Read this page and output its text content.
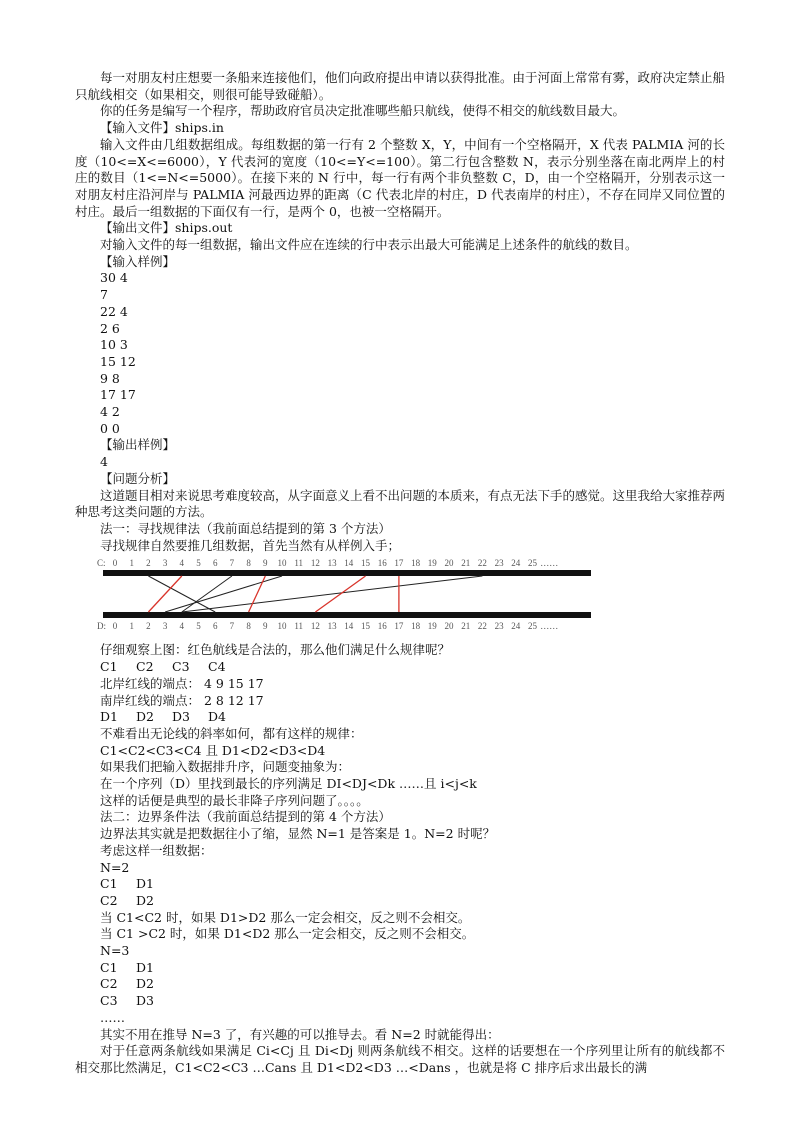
每一对朋友村庄想要一条船来连接他们，他们向政府提出申请以获得批准。由于河面上常常有雾，政府决定禁止船只航线相交（如果相交，则很可能导致碰船）。
你的任务是编写一个程序，帮助政府官员决定批准哪些船只航线，使得不相交的航线数目最大。
【输入文件】ships.in
输入文件由几组数据组成。每组数据的第一行有 2 个整数 X，Y，中间有一个空格隔开，X 代表 PALMIA 河的长度（10<=X<=6000），Y 代表河的宽度（10<=Y<=100）。第二行包含整数 N，表示分别坐落在南北两岸上的村庄的数目（1<=N<=5000）。在接下来的 N 行中，每一行有两个非负整数 C，D，由一个空格隔开，分别表示这一对朋友村庄沿河岸与 PALMIA 河最西边界的距离（C 代表北岸的村庄，D 代表南岸的村庄），不存在同岸又同位置的村庄。最后一组数据的下面仅有一行，是两个 0，也被一空格隔开。
【输出文件】ships.out
对输入文件的每一组数据，输出文件应在连续的行中表示出最大可能满足上述条件的航线的数目。
【输入样例】
30 4
7
22 4
2 6
10 3
15 12
9 8
17 17
4 2
0 0
【输出样例】
4
【问题分析】
这道题目相对来说思考难度较高，从字面意义上看不出问题的本质来，有点无法下手的感觉。这里我给大家推荐两种思考这类问题的方法。
法一：寻找规律法（我前面总结提到的第 3 个方法）
寻找规律自然要推几组数据，首先当然有从样例入手；
C:
D:
0 1 2 3 4 5 6 7 8 9 10 11 12 13 14 15 16 17 18 19 20 21 22 23 24 25 ……
0 1 2 3 4 5 6 7 8 9 10 11 12 13 14 15 16 17 18 19 20 21 22 23 24 25 ……
仔细观察上图：红色航线是合法的，那么他们满足什么规律呢？
C1 C2 C3 C4
北岸红线的端点： 4 9 15 17
南岸红线的端点： 2 8 12 17
D1 D2 D3 D4
不难看出无论线的斜率如何，都有这样的规律：
C1<C2<C3<C4 且 D1<D2<D3<D4
如果我们把输入数据排升序，问题变抽象为：
在一个序列（D）里找到最长的序列满足 DI<DJ<Dk ……且 i<j<k
这样的话便是典型的最长非降子序列问题了。。。。
法二：边界条件法（我前面总结提到的第 4 个方法）
边界法其实就是把数据往小了缩，显然 N=1 是答案是 1。N=2 时呢？
考虑这样一组数据：
N=2
C1 D1
C2 D2
当 C1<C2 时，如果 D1>D2 那么一定会相交，反之则不会相交。
当 C1 >C2 时，如果 D1<D2 那么一定会相交，反之则不会相交。
N=3
C1 D1
C2 D2
C3 D3
……
其实不用在推导 N=3 了，有兴趣的可以推导去。看 N=2 时就能得出：
对于任意两条航线如果满足 Ci<Cj 且 Di<Dj 则两条航线不相交。这样的话要想在一个序列里让所有的航线都不相交那比然满足，C1<C2<C3 …Cans 且 D1<D2<D3 …<Dans ，也就是将 C 排序后求出最长的满
